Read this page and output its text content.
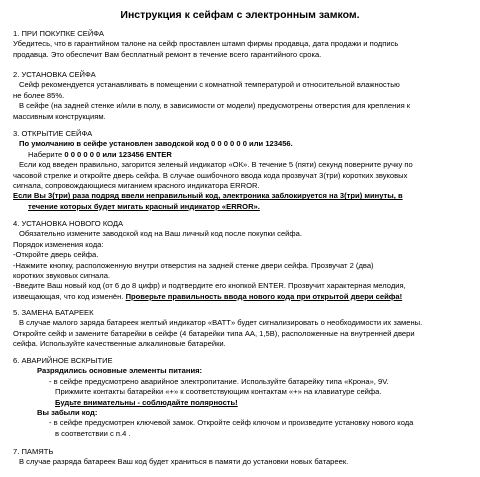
Инструкция к сейфам с электронным замком.

1. ПРИ ПОКУПКЕ СЕЙФА

Убедитесь, что в гарантийном талоне на сейф проставлен штамп фирмы продавца, дата продажи и подпись

продавца. Это обеспечит Вам бесплатный ремонт в течение всего гарантийного срока.

2. УСТАНОВКА СЕЙФА

Сейф рекомендуется устанавливать в помещении с комнатной температурой и относительной влажностью

не более 85%.

В сейфе (на задней стенке и/или в полу, в зависимости от модели) предусмотрены отверстия для крепления к

массивным конструкциям.

3. ОТКРЫТИЕ СЕЙФА

По умолчанию в сейфе установлен заводской код 0 0 0 0 0 0 или 123456.

Наберите 0 0 0 0 0 0 или 123456 ENTER

Если код введен правильно, загорится зеленый индикатор «ОК». В течение 5 (пяти) секунд поверните ручку по

часовой стрелке и откройте дверь сейфа. В случае ошибочного ввода кода прозвучат 3(три) коротких звуковых

сигнала, сопровождающиеся миганием красного индикатора ERROR.

Если Вы 3(три) раза подряд ввели неправильный код, электроника заблокируется на 3(три) минуты, в

течение которых будет мигать красный индикатор «ERROR».

4. УСТАНОВКА НОВОГО КОДА

Обязательно измените заводской код на Ваш личный код после покупки сейфа.

Порядок изменения кода:

-Откройте дверь сейфа.

-Нажмите кнопку, расположенную внутри отверстия на задней стенке двери сейфа. Прозвучат 2 (два)

коротких звуковых сигнала.

-Введите Ваш новый код (от 6 до 8 цифр) и подтвердите его кнопкой ENTER. Прозвучит характерная мелодия,

извещающая, что код изменён. Проверьте правильность ввода нового кода при открытой двери сейфа!

5. ЗАМЕНА БАТАРЕЕК

В случае малого заряда батареек желтый индикатор «BATT» будет сигнализировать о необходимости их замены.

Откройте сейф и замените батарейки в сейфе (4 батарейки типа АА, 1,5В), расположенные на внутренней двери

сейфа. Используйте качественные алкалиновые батарейки.

6. АВАРИЙНОЕ ВСКРЫТИЕ

Разрядились основные элементы питания:

- в сейфе предусмотрено аварийное электропитание. Используйте батарейку типа «Крона», 9V.

Прижмите контакты батарейки «+» к соответствующим контактам «+» на клавиатуре сейфа.

Будьте внимательны - соблюдайте полярность!

Вы забыли код:

- в сейфе предусмотрен ключевой замок. Откройте сейф ключом и произведите установку нового кода

в соответствии с п.4 .

7. ПАМЯТЬ

В случае разряда батареек Ваш код будет храниться в памяти до установки новых батареек.
